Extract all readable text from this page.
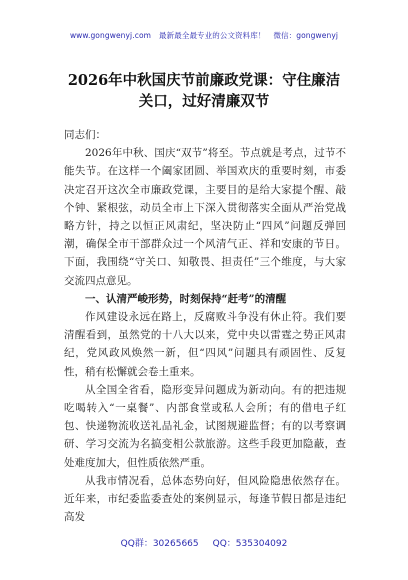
www.gongwenyj.com 最新最全最专业的公文资料库！ 微信：gongwenyj
2026年中秋国庆节前廉政党课：守住廉洁
关口，过好清廉双节

同志们：

2026年中秋、国庆“双节”将至。节点就是考点，过节不能失节。在这样一个阖家团圆、举国欢庆的重要时刻，市委决定召开这次全市廉政党课，主要目的是给大家提个醒、敲个钟、紧根弦，动员全市上下深入贯彻落实全面从严治党战略方针，持之以恒正风肃纪，坚决防止“四风”问题反弹回潮，确保全市干部群众过一个风清气正、祥和安康的节日。下面，我围绕“守关口、知敬畏、担责任”三个维度，与大家交流四点意见。

一、认清严峻形势，时刻保持“赶考”的清醒

作风建设永远在路上，反腐败斗争没有休止符。我们要清醒看到，虽然党的十八大以来，党中央以雷霆之势正风肃纪，党风政风焕然一新，但“四风”问题具有顽固性、反复性，稍有松懈就会卷土重来。

从全国全省看，隐形变异问题成为新动向。有的把违规吃喝转入“一桌餐”、内部食堂或私人会所；有的借电子红包、快递物流收送礼品礼金，试图规避监督；有的以考察调研、学习交流为名搞变相公款旅游。这些手段更加隐蔽，查处难度加大，但性质依然严重。

从我市情况看，总体态势向好，但风险隐患依然存在。近年来，市纪委监委查处的案例显示，每逢节假日都是违纪高发

QQ群：30265665 QQ：535304092
